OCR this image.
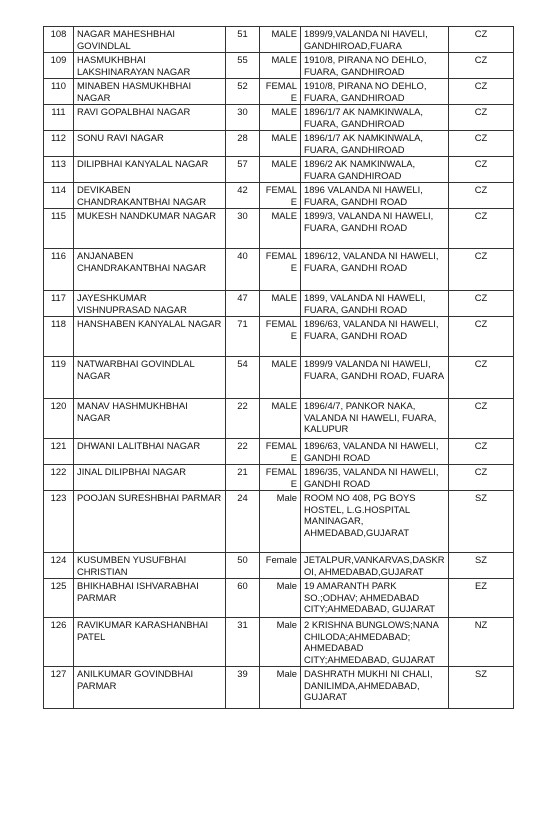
108	NAGAR MAHESHBHAI GOVINDLAL	51	MALE	1899/9,VALANDA NI HAVELI, GANDHIROAD,FUARA	CZ
109	HASMUKHBHAI LAKSHINARAYAN NAGAR	55	MALE	1910/8, PIRANA NO DEHLO, FUARA, GANDHIROAD	CZ
110	MINABEN HASMUKHBHAI NAGAR	52	FEMALE	1910/8, PIRANA NO DEHLO, FUARA, GANDHIROAD	CZ
111	RAVI GOPALBHAI NAGAR	30	MALE	1896/1/7 AK NAMKINWALA, FUARA, GANDHIROAD	CZ
112	SONU RAVI NAGAR	28	MALE	1896/1/7 AK NAMKINWALA, FUARA, GANDHIROAD	CZ
113	DILIPBHAI KANYALAL NAGAR	57	MALE	1896/2 AK NAMKINWALA, FUARA GANDHIROAD	CZ
114	DEVIKABEN CHANDRAKANTBHAI NAGAR	42	FEMALE	1896 VALANDA NI HAWELI, FUARA, GANDHI ROAD	CZ
115	MUKESH NANDKUMAR NAGAR	30	MALE	1899/3, VALANDA NI HAWELI, FUARA, GANDHI ROAD	CZ
116	ANJANABEN CHANDRAKANTBHAI NAGAR	40	FEMALE	1896/12, VALANDA NI HAWELI, FUARA, GANDHI ROAD	CZ
117	JAYESHKUMAR VISHNUPRASAD NAGAR	47	MALE	1899, VALANDA NI HAWELI, FUARA, GANDHI ROAD	CZ
118	HANSHABEN KANYALAL NAGAR	71	FEMALE	1896/63, VALANDA NI HAWELI, FUARA, GANDHI ROAD	CZ
119	NATWARBHAI GOVINDLAL NAGAR	54	MALE	1899/9 VALANDA NI HAWELI, FUARA, GANDHI ROAD, FUARA	CZ
120	MANAV HASHMUKHBHAI NAGAR	22	MALE	1896/4/7, PANKOR NAKA, VALANDA NI HAWELI, FUARA, KALUPUR	CZ
121	DHWANI LALITBHAI NAGAR	22	FEMALE	1896/63, VALANDA NI HAWELI, GANDHI ROAD	CZ
122	JINAL DILIPBHAI NAGAR	21	FEMALE	1896/35, VALANDA NI HAWELI, GANDHI ROAD	CZ
123	POOJAN SURESHBHAI PARMAR	24	Male	ROOM NO 408, PG BOYS HOSTEL, L.G.HOSPITAL MANINAGAR, AHMEDABAD,GUJARAT	SZ
124	KUSUMBEN YUSUFBHAI CHRISTIAN	50	Female	JETALPUR,VANKARVAS,DASKROI, AHMEDABAD,GUJARAT	SZ
125	BHIKHABHAI ISHVARABHAI PARMAR	60	Male	19 AMARANTH PARK SO.;ODHAV; AHMEDABAD CITY;AHMEDABAD, GUJARAT	EZ
126	RAVIKUMAR KARASHANBHAI PATEL	31	Male	2 KRISHNA BUNGLOWS;NANA CHILODA;AHMEDABAD; AHMEDABAD CITY;AHMEDABAD, GUJARAT	NZ
127	ANILKUMAR GOVINDBHAI PARMAR	39	Male	DASHRATH MUKHI NI CHALI, DANILIMDA,AHMEDABAD, GUJARAT	SZ
